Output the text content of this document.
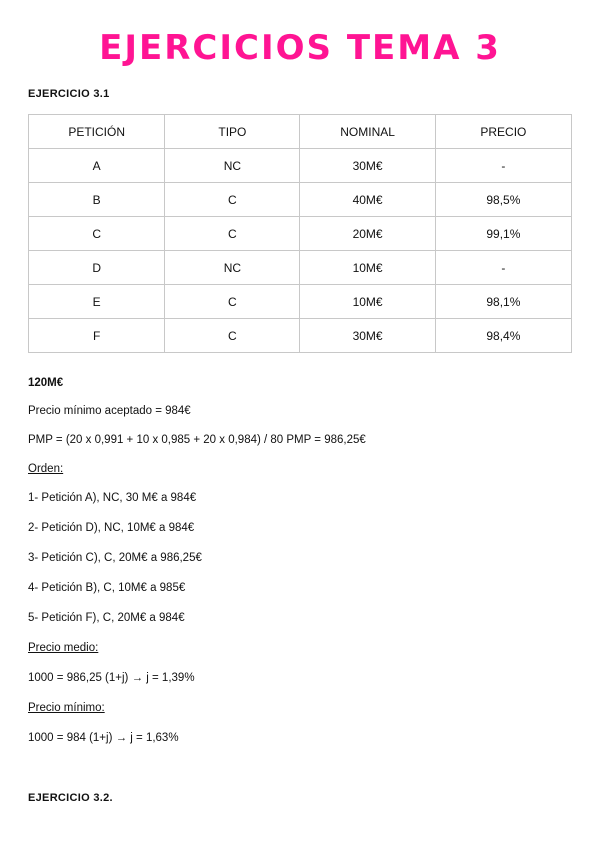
EJERCICIOS TEMA 3
EJERCICIO 3.1
PETICIÓN	TIPO	NOMINAL	PRECIO
A	NC	30M€	-
B	C	40M€	98,5%
C	C	20M€	99,1%
D	NC	10M€	-
E	C	10M€	98,1%
F	C	30M€	98,4%
120M€
Precio mínimo aceptado = 984€
PMP = (20 x 0,991 + 10 x 0,985 + 20 x 0,984) / 80 PMP = 986,25€
Orden:
1- Petición A), NC, 30 M€ a 984€
2- Petición D), NC, 10M€ a 984€
3- Petición C), C, 20M€ a 986,25€
4- Petición B), C, 10M€ a 985€
5- Petición F), C, 20M€ a 984€
Precio medio:
1000 = 986,25 (1+j) → j = 1,39%
Precio mínimo:
1000 = 984 (1+j) → j = 1,63%
EJERCICIO 3.2.
